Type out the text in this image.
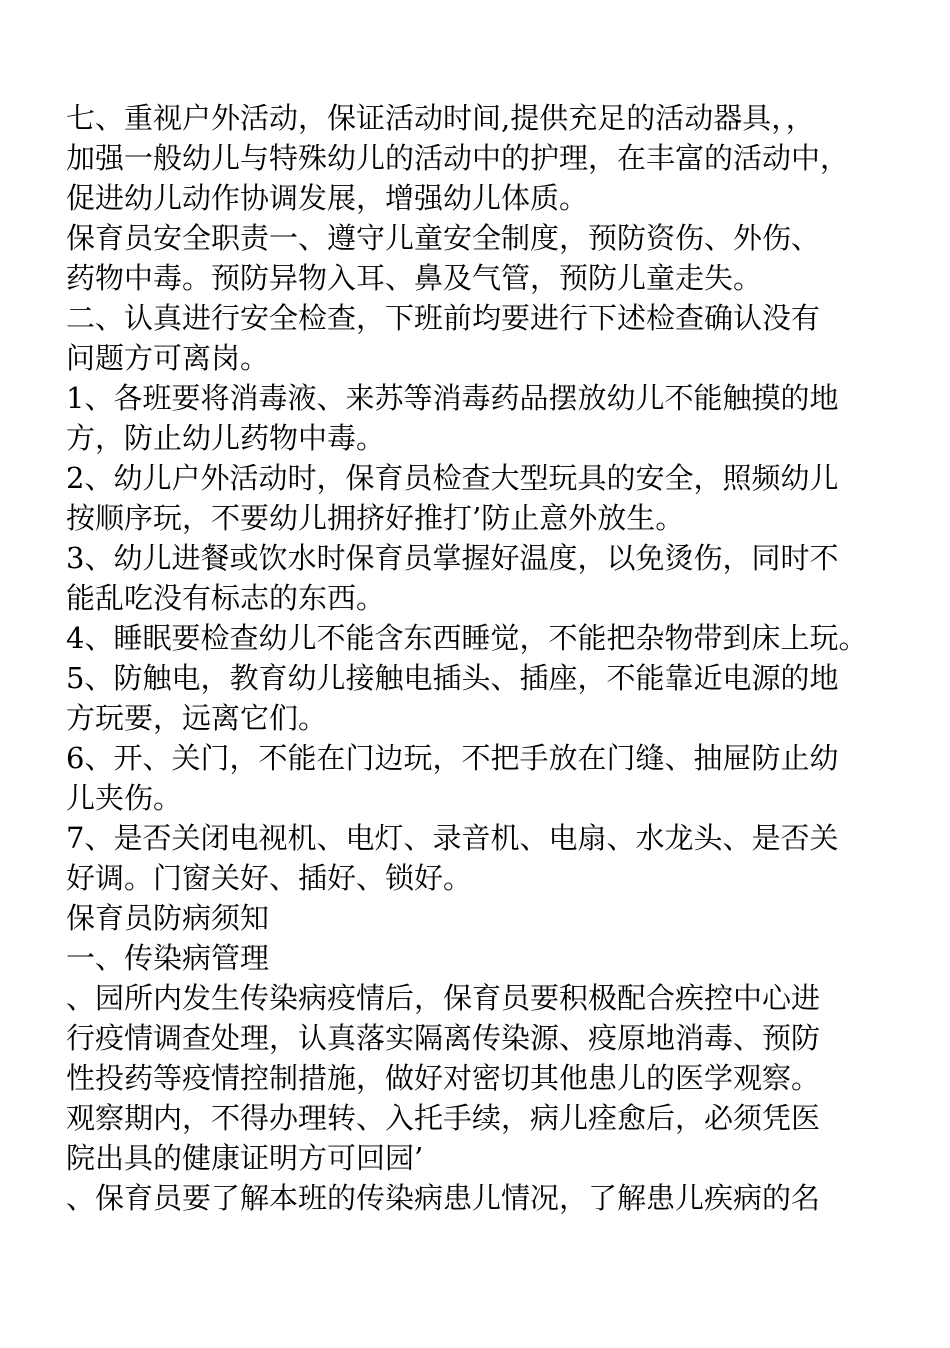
七、重视户外活动，保证活动时间,提供充足的活动器具，，
加强一般幼儿与特殊幼儿的活动中的护理，在丰富的活动中，
促进幼儿动作协调发展，增强幼儿体质。
保育员安全职责一、遵守儿童安全制度，预防资伤、外伤、
药物中毒。预防异物入耳、鼻及气管，预防儿童走失。
二、认真进行安全检查，下班前均要进行下述检查确认没有
问题方可离岗。
1、各班要将消毒液、来苏等消毒药品摆放幼儿不能触摸的地
方，防止幼儿药物中毒。
2、幼儿户外活动时，保育员检查大型玩具的安全，照频幼儿
按顺序玩，不要幼儿拥挤好推打’防止意外放生。
3、幼儿进餐或饮水时保育员掌握好温度，以免烫伤，同时不
能乱吃没有标志的东西。
4、睡眠要检查幼儿不能含东西睡觉，不能把杂物带到床上玩。
5、防触电，教育幼儿接触电插头、插座，不能靠近电源的地
方玩要，远离它们。
6、开、关门，不能在门边玩，不把手放在门缝、抽屉防止幼
儿夹伤。
7、是否关闭电视机、电灯、录音机、电扇、水龙头、是否关
好调。门窗关好、插好、锁好。
保育员防病须知
一、传染病管理
、园所内发生传染病疫情后，保育员要积极配合疾控中心进
行疫情调查处理，认真落实隔离传染源、疫原地消毒、预防
性投药等疫情控制措施，做好对密切其他患儿的医学观察。
观察期内，不得办理转、入托手续，病儿痊愈后，必须凭医
院出具的健康证明方可回园’
、保育员要了解本班的传染病患儿情况，了解患儿疾病的名
